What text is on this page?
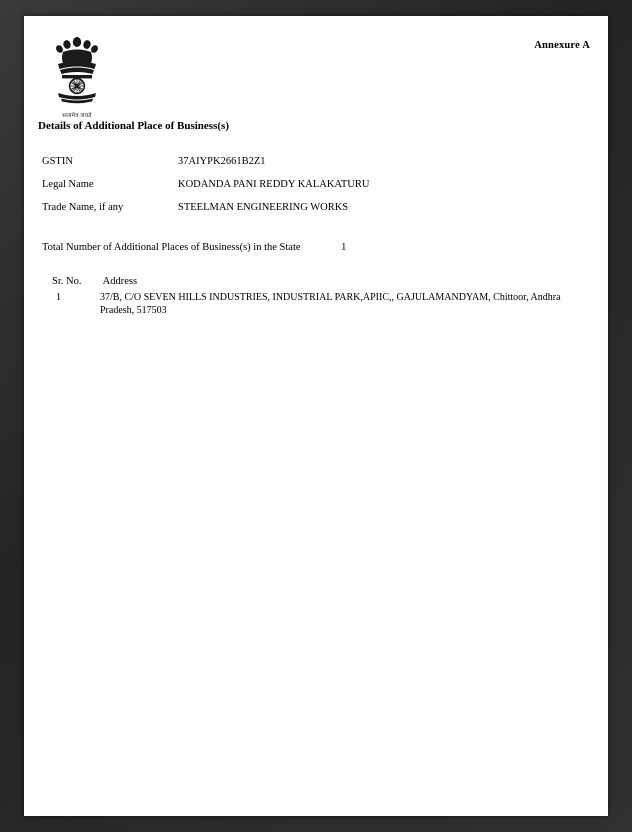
Annexure A
सत्यमेव जयते
Details of Additional Place of Business(s)
GSTIN	37AIYPK2661B2Z1
Legal Name	KODANDA PANI REDDY KALAKATURU
Trade Name, if any	STEELMAN ENGINEERING WORKS
Total Number of Additional Places of Business(s) in the State	1
Sr. No. Address
1	37/B, C/O SEVEN HILLS INDUSTRIES, INDUSTRIAL PARK,APIIC,, GAJULAMANDYAM, Chittoor, Andhra Pradesh, 517503
